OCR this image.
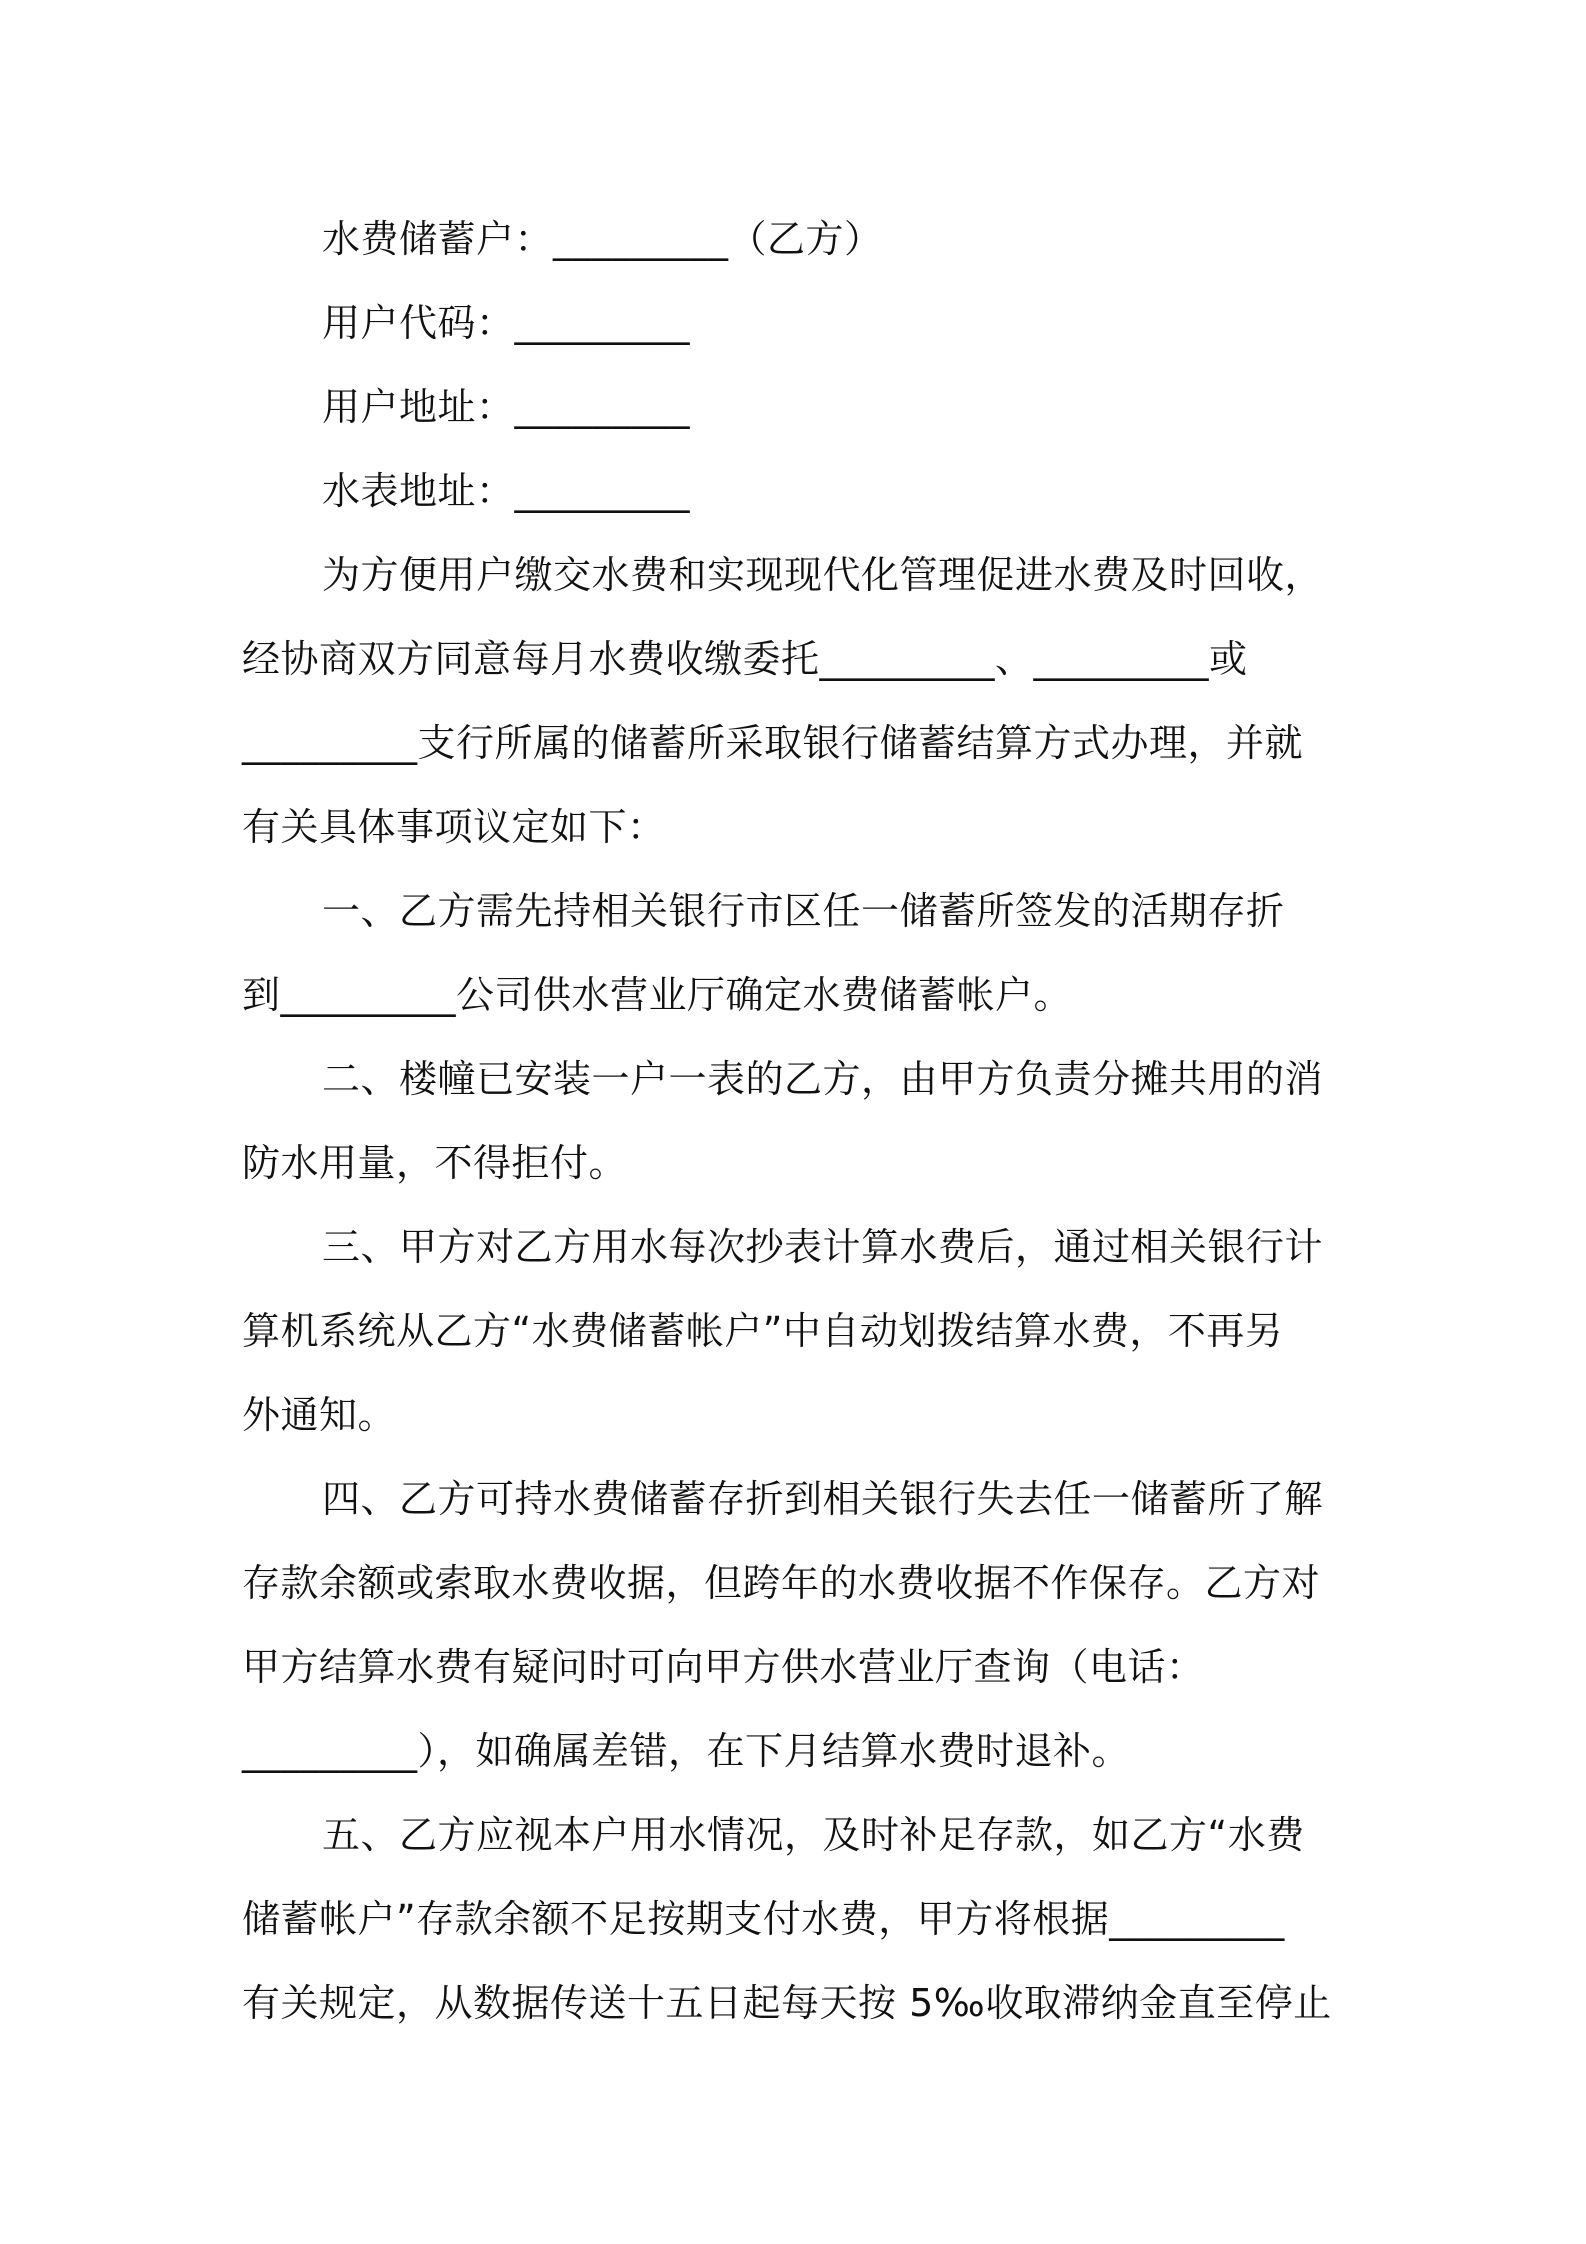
水费储蓄户：_________（乙方）
用户代码：_________
用户地址：_________
水表地址：_________
为方便用户缴交水费和实现现代化管理促进水费及时回收，
经协商双方同意每月水费收缴委托_________、_________或
_________支行所属的储蓄所采取银行储蓄结算方式办理，并就
有关具体事项议定如下：
一、乙方需先持相关银行市区任一储蓄所签发的活期存折
到_________公司供水营业厅确定水费储蓄帐户。
二、楼幢已安装一户一表的乙方，由甲方负责分摊共用的消
防水用量，不得拒付。
三、甲方对乙方用水每次抄表计算水费后，通过相关银行计
算机系统从乙方“水费储蓄帐户”中自动划拨结算水费，不再另
外通知。
四、乙方可持水费储蓄存折到相关银行失去任一储蓄所了解
存款余额或索取水费收据，但跨年的水费收据不作保存。乙方对
甲方结算水费有疑问时可向甲方供水营业厅查询（电话：
_________），如确属差错，在下月结算水费时退补。
五、乙方应视本户用水情况，及时补足存款，如乙方“水费
储蓄帐户”存款余额不足按期支付水费，甲方将根据_________
有关规定，从数据传送十五日起每天按 5‰收取滞纳金直至停止
